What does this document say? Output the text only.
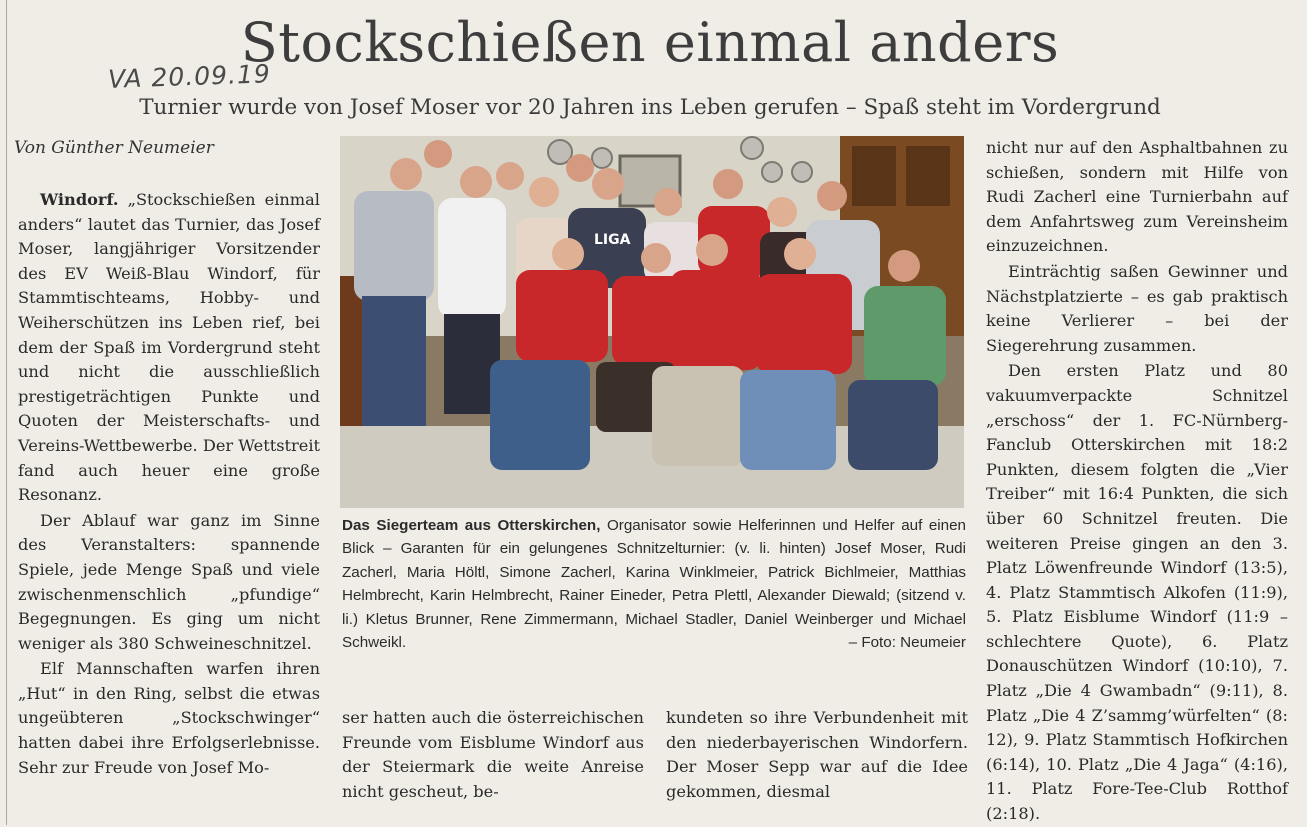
Stockschießen einmal anders
VA 20.09.19
Turnier wurde von Josef Moser vor 20 Jahren ins Leben gerufen – Spaß steht im Vordergrund
Von Günther Neumeier

Windorf. „Stockschießen einmal anders“ lautet das Turnier, das Josef Moser, langjähriger Vorsitzender des EV Weiß-Blau Windorf, für Stammtischteams, Hobby- und Weiherschützen ins Leben rief, bei dem der Spaß im Vordergrund steht und nicht die ausschließlich prestigeträchtigen Punkte und Quoten der Meisterschafts- und Vereins-Wettbewerbe. Der Wettstreit fand auch heuer eine große Resonanz.

Der Ablauf war ganz im Sinne des Veranstalters: spannende Spiele, jede Menge Spaß und viele zwischenmenschlich „pfundige“ Begegnungen. Es ging um nicht weniger als 380 Schweineschnitzel.

Elf Mannschaften warfen ihren „Hut“ in den Ring, selbst die etwas ungeübteren „Stockschwinger“ hatten dabei ihre Erfolgserlebnisse. Sehr zur Freude von Josef Mo-

LIGA
Das Siegerteam aus Otterskirchen, Organisator sowie Helferinnen und Helfer auf einen Blick – Garanten für ein gelungenes Schnitzelturnier: (v. li. hinten) Josef Moser, Rudi Zacherl, Maria Höltl, Simone Zacherl, Karina Winklmeier, Patrick Bichlmeier, Matthias Helmbrecht, Karin Helmbrecht, Rainer Eineder, Petra Plettl, Alexander Diewald; (sitzend v. li.) Kletus Brunner, Rene Zimmermann, Michael Stadler, Daniel Weinberger und Michael Schweikl.	– Foto: Neumeier

ser hatten auch die österreichischen Freunde vom Eisblume Windorf aus der Steiermark die weite Anreise nicht gescheut, be-

kundeten so ihre Verbundenheit mit den niederbayerischen Windorfern. Der Moser Sepp war auf die Idee gekommen, diesmal

nicht nur auf den Asphaltbahnen zu schießen, sondern mit Hilfe von Rudi Zacherl eine Turnierbahn auf dem Anfahrtsweg zum Vereinsheim einzuzeichnen.

Einträchtig saßen Gewinner und Nächstplatzierte – es gab praktisch keine Verlierer – bei der Siegerehrung zusammen.

Den ersten Platz und 80 vakuumverpackte Schnitzel „erschoss“ der 1. FC-Nürnberg-Fanclub Otterskirchen mit 18:2 Punkten, diesem folgten die „Vier Treiber“ mit 16:4 Punkten, die sich über 60 Schnitzel freuten. Die weiteren Preise gingen an den 3. Platz Löwenfreunde Windorf (13:5), 4. Platz Stammtisch Alkofen (11:9), 5. Platz Eisblume Windorf (11:9 – schlechtere Quote), 6. Platz Donauschützen Windorf (10:10), 7. Platz „Die 4 Gwambadn“ (9:11), 8. Platz „Die 4 Z’sammg’würfelten“ (8: 12), 9. Platz Stammtisch Hofkirchen (6:14), 10. Platz „Die 4 Jaga“ (4:16), 11. Platz Fore-Tee-Club Rotthof (2:18).
